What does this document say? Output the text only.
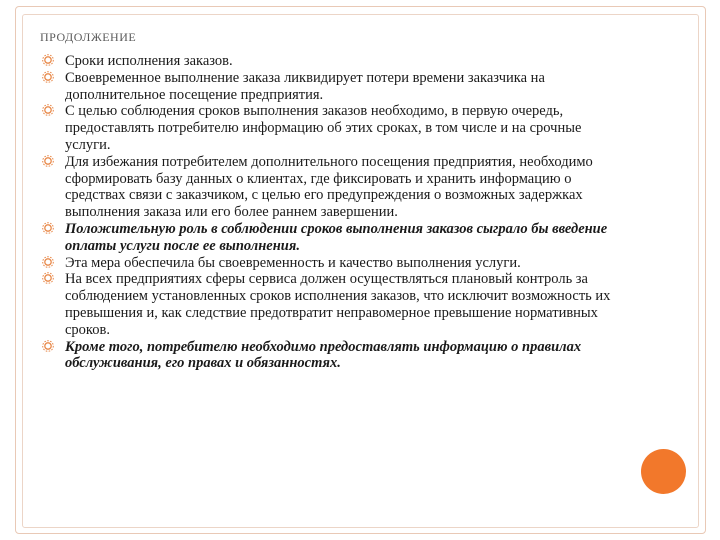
ПРОДОЛЖЕНИЕ
Сроки исполнения заказов.
Своевременное выполнение заказа ликвидирует потери времени заказчика на дополнительное посещение предприятия.
С целью соблюдения сроков выполнения заказов необходимо, в первую очередь, предоставлять потребителю информацию об этих сроках, в том числе и на срочные услуги.
Для избежания потребителем дополнительного посещения предприятия, необходимо сформировать базу данных о клиентах, где фиксировать и хранить информацию о средствах связи с заказчиком, с целью его предупреждения о возможных задержках выполнения заказа или его более раннем завершении.
Положительную роль в соблюдении сроков выполнения заказов сыграло бы введение оплаты услуги после ее выполнения.
Эта мера обеспечила бы своевременность и качество выполнения услуги.
На всех предприятиях сферы сервиса должен осуществляться плановый контроль за соблюдением установленных сроков исполнения заказов, что исключит возможность их превышения и, как следствие предотвратит неправомерное превышение нормативных сроков.
Кроме того, потребителю необходимо предоставлять информацию о правилах обслуживания, его правах и обязанностях.
